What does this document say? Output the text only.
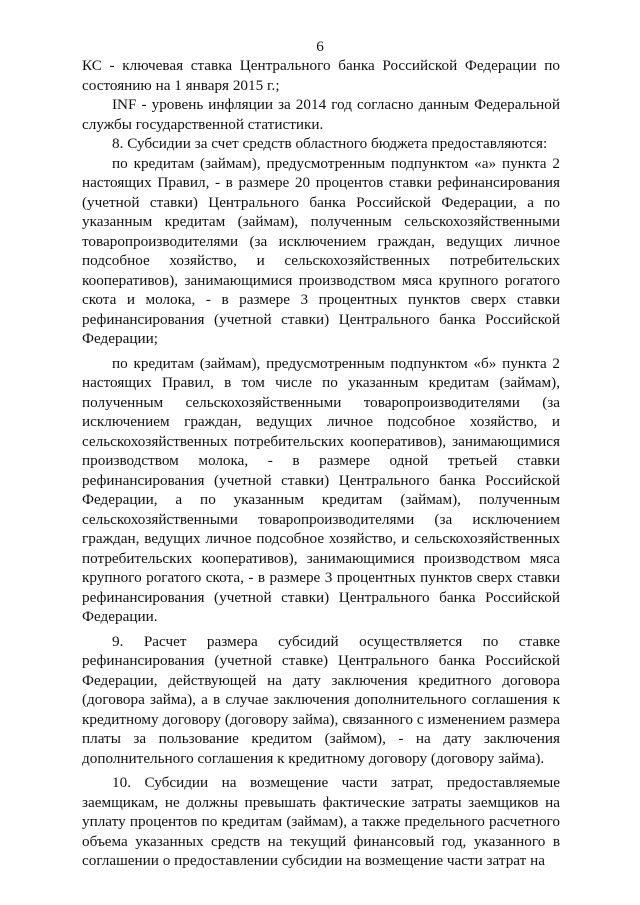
6

КС - ключевая ставка Центрального банка Российской Федерации по состоянию на 1 января 2015 г.;

INF - уровень инфляции за 2014 год согласно данным Федеральной службы государственной статистики.

8. Субсидии за счет средств областного бюджета предоставляются:

по кредитам (займам), предусмотренным подпунктом «а» пункта 2 настоящих Правил, - в размере 20 процентов ставки рефинансирования (учетной ставки) Центрального банка Российской Федерации, а по указанным кредитам (займам), полученным сельскохозяйственными товаропроизводителями (за исключением граждан, ведущих личное подсобное хозяйство, и сельскохозяйственных потребительских кооперативов), занимающимися производством мяса крупного рогатого скота и молока, - в размере 3 процентных пунктов сверх ставки рефинансирования (учетной ставки) Центрального банка Российской Федерации;

по кредитам (займам), предусмотренным подпунктом «б» пункта 2 настоящих Правил, в том числе по указанным кредитам (займам), полученным сельскохозяйственными товаропроизводителями (за исключением граждан, ведущих личное подсобное хозяйство, и сельскохозяйственных потребительских кооперативов), занимающимися производством молока, - в размере одной третьей ставки рефинансирования (учетной ставки) Центрального банка Российской Федерации, а по указанным кредитам (займам), полученным сельскохозяйственными товаропроизводителями (за исключением граждан, ведущих личное подсобное хозяйство, и сельскохозяйственных потребительских кооперативов), занимающимися производством мяса крупного рогатого скота, - в размере 3 процентных пунктов сверх ставки рефинансирования (учетной ставки) Центрального банка Российской Федерации.

9. Расчет размера субсидий осуществляется по ставке рефинансирования (учетной ставке) Центрального банка Российской Федерации, действующей на дату заключения кредитного договора (договора займа), а в случае заключения дополнительного соглашения к кредитному договору (договору займа), связанного с изменением размера платы за пользование кредитом (займом), - на дату заключения дополнительного соглашения к кредитному договору (договору займа).

10. Субсидии на возмещение части затрат, предоставляемые заемщикам, не должны превышать фактические затраты заемщиков на уплату процентов по кредитам (займам), а также предельного расчетного объема указанных средств на текущий финансовый год, указанного в соглашении о предоставлении субсидии на возмещение части затрат на
